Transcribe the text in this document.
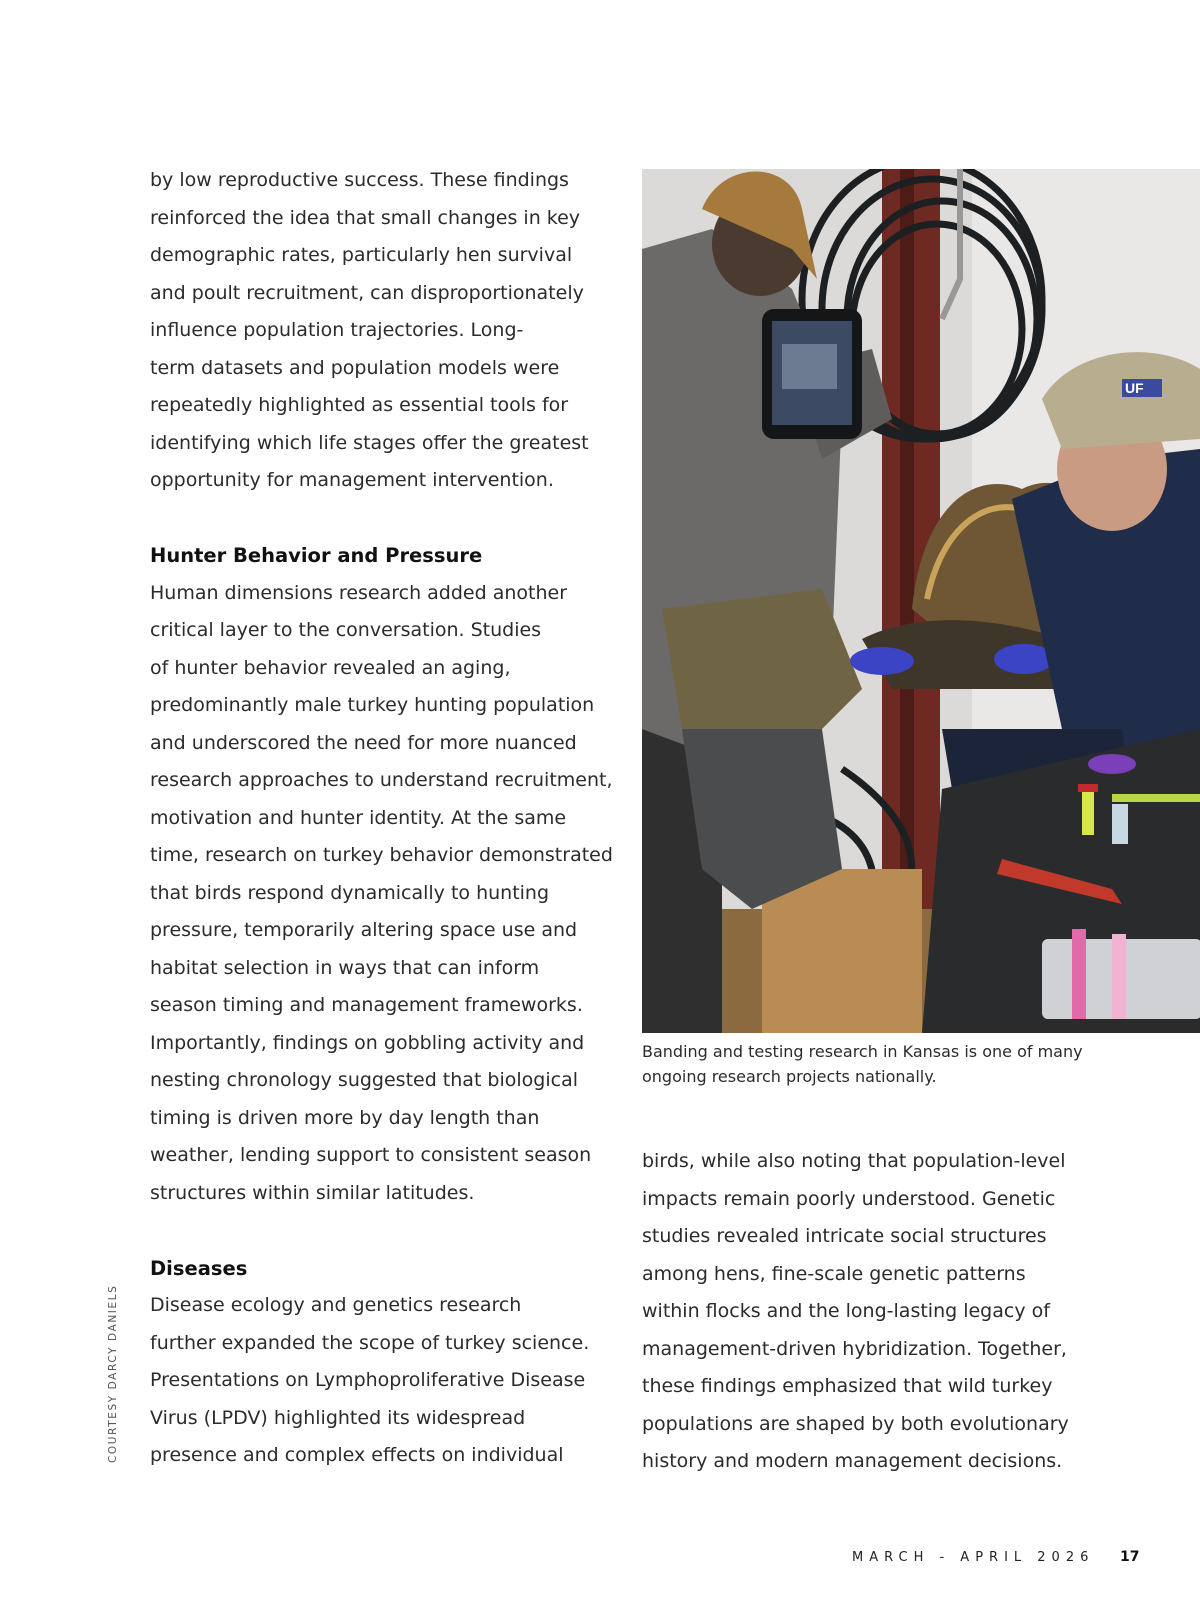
by low reproductive success. These findings
reinforced the idea that small changes in key
demographic rates, particularly hen survival
and poult recruitment, can disproportionately
influence population trajectories. Long-
term datasets and population models were
repeatedly highlighted as essential tools for
identifying which life stages offer the greatest
opportunity for management intervention.
Hunter Behavior and Pressure
Human dimensions research added another
critical layer to the conversation. Studies
of hunter behavior revealed an aging,
predominantly male turkey hunting population
and underscored the need for more nuanced
research approaches to understand recruitment,
motivation and hunter identity. At the same
time, research on turkey behavior demonstrated
that birds respond dynamically to hunting
pressure, temporarily altering space use and
habitat selection in ways that can inform
season timing and management frameworks.
Importantly, findings on gobbling activity and
nesting chronology suggested that biological
timing is driven more by day length than
weather, lending support to consistent season
structures within similar latitudes.
Diseases
Disease ecology and genetics research
further expanded the scope of turkey science.
Presentations on Lymphoproliferative Disease
Virus (LPDV) highlighted its widespread
presence and complex effects on individual
UF
Banding and testing research in Kansas is one of many
ongoing research projects nationally.
birds, while also noting that population-level
impacts remain poorly understood. Genetic
studies revealed intricate social structures
among hens, fine-scale genetic patterns
within flocks and the long-lasting legacy of
management-driven hybridization. Together,
these findings emphasized that wild turkey
populations are shaped by both evolutionary
history and modern management decisions.
COURTESY DARCY DANIELS
MARCH - APRIL 2026 17
